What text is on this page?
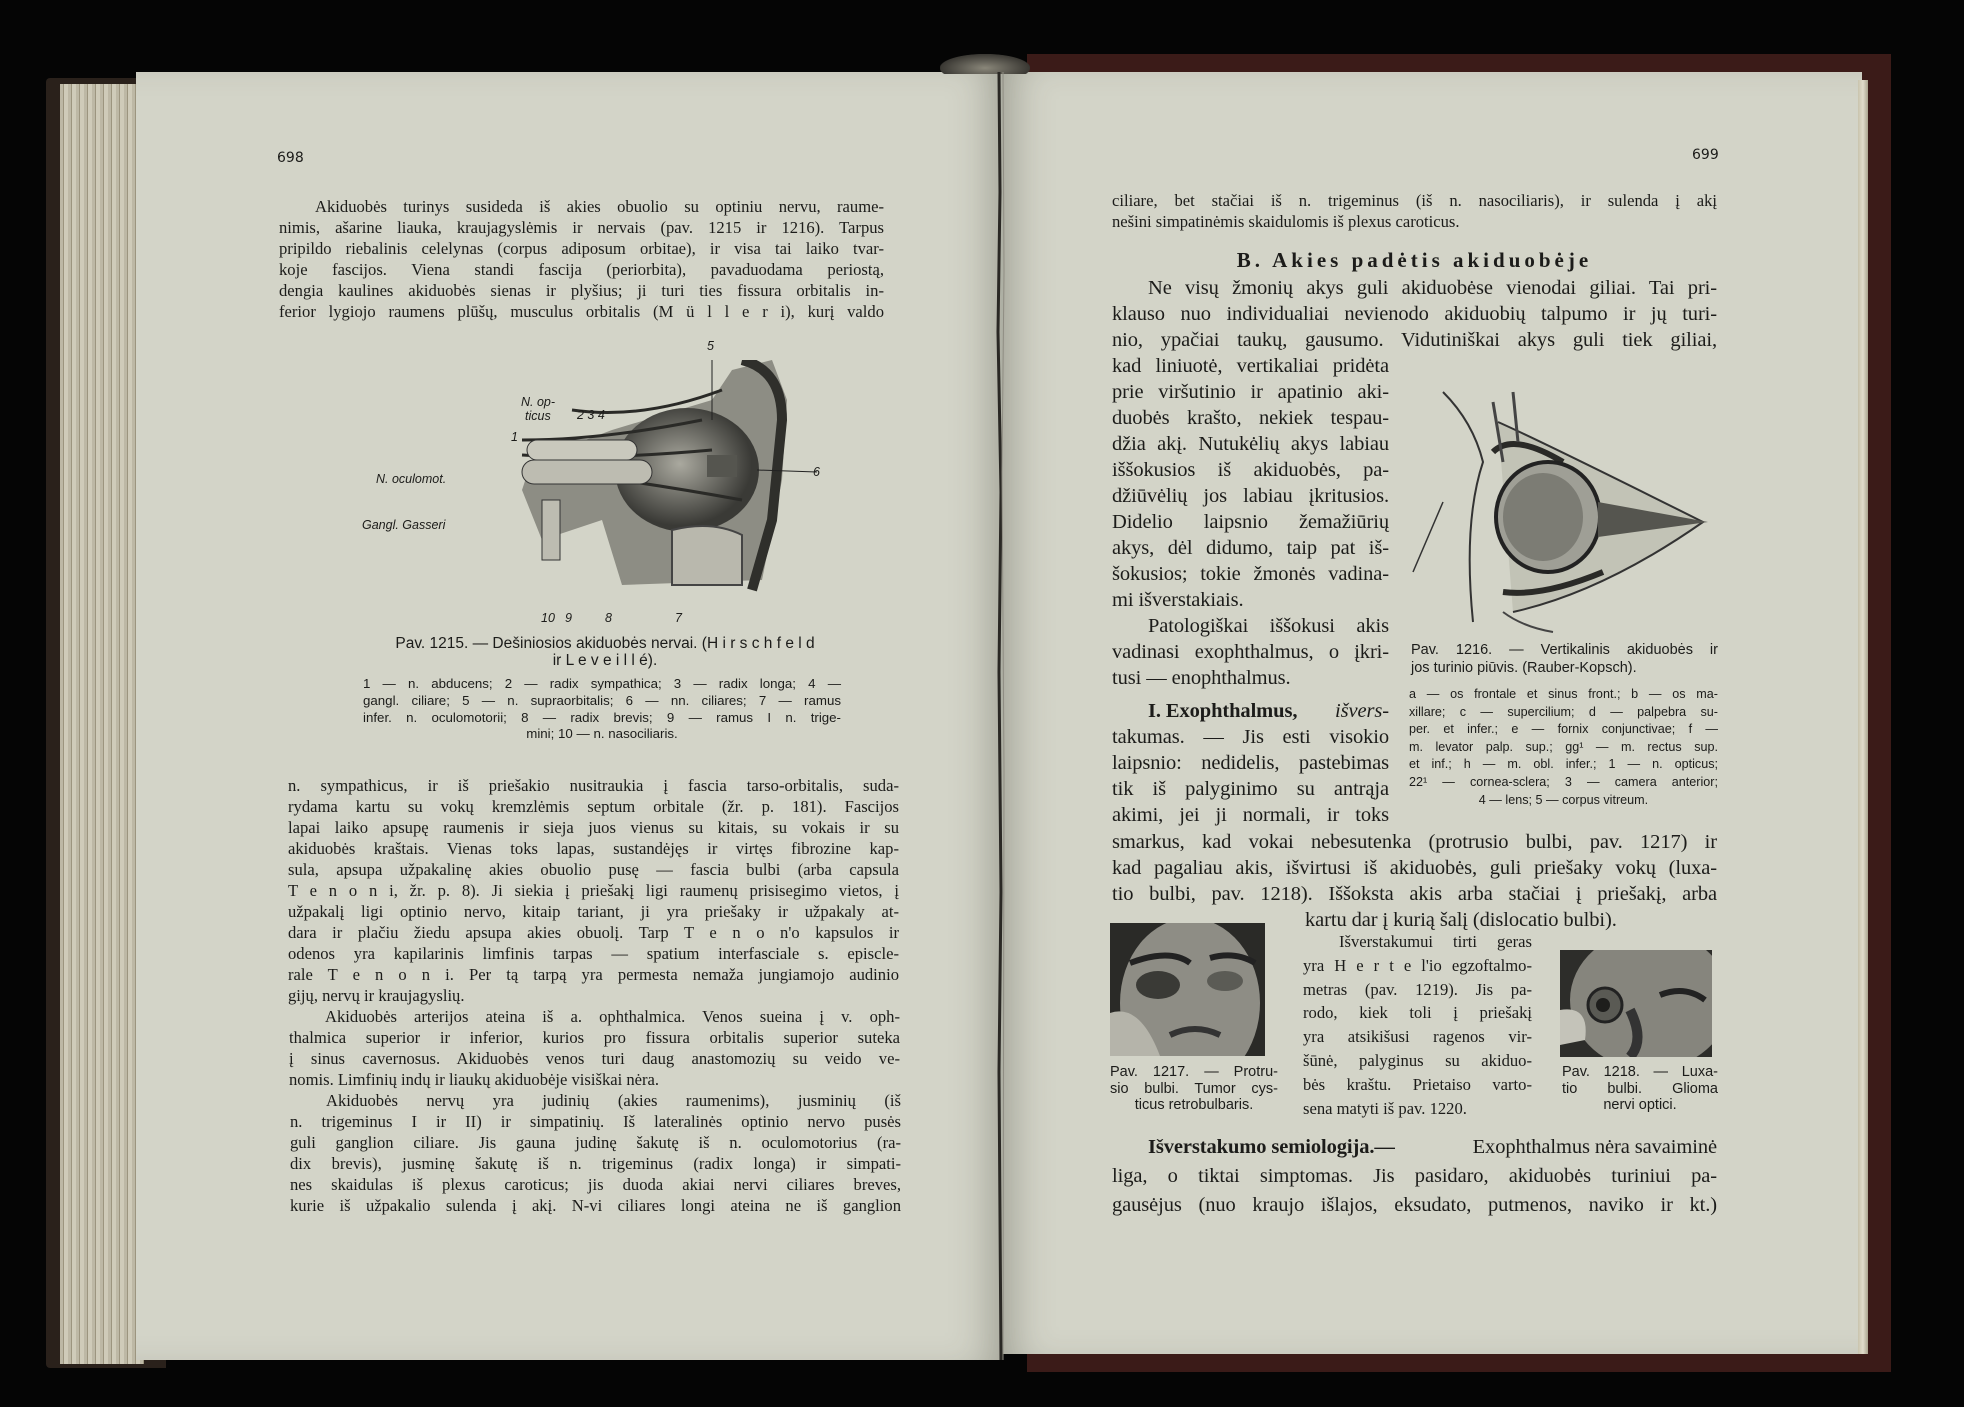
698
Akiduobės turinys susideda iš akies obuolio su optiniu nervu, raume-
nimis, ašarine liauka, kraujagyslėmis ir nervais (pav. 1215 ir 1216). Tarpus
pripildo riebalinis celelynas (corpus adiposum orbitae), ir visa tai laiko tvar-
koje fascijos. Viena standi fascija (periorbita), pavaduodama periostą,
dengia kaulines akiduobės sienas ir plyšius; ji turi ties fissura orbitalis in-
ferior lygiojo raumens plūšų, musculus orbitalis (M ü l l e r i), kurį valdo
5
N. op-
ticus 2 3 4
1
N. oculomot.
Gangl. Gasseri
6
10 9	8	7
Pav. 1215. — Dešiniosios akiduobės nervai. (H i r s c h f e l d
ir L e v e i l l é).
1 — n. abducens; 2 — radix sympathica; 3 — radix longa; 4 —
gangl. ciliare; 5 — n. supraorbitalis; 6 — nn. ciliares; 7 — ramus
infer. n. oculomotorii; 8 — radix brevis; 9 — ramus I n. trige-
mini; 10 — n. nasociliaris.
n. sympathicus, ir iš priešakio nusitraukia į fascia tarso-orbitalis, suda-
rydama kartu su vokų kremzlėmis septum orbitale (žr. p. 181). Fascijos
lapai laiko apsupę raumenis ir sieja juos vienus su kitais, su vokais ir su
akiduobės kraštais. Vienas toks lapas, sustandėjęs ir virtęs fibrozine kap-
sula, apsupa užpakalinę akies obuolio pusę — fascia bulbi (arba capsula
T e n o n i, žr. p. 8). Ji siekia į priešakį ligi raumenų prisisegimo vietos, į
užpakalį ligi optinio nervo, kitaip tariant, ji yra priešaky ir užpakaly at-
dara ir plačiu žiedu apsupa akies obuolį. Tarp T e n o n'o kapsulos ir
odenos yra kapilarinis limfinis tarpas — spatium interfasciale s. episcle-
rale T e n o n i. Per tą tarpą yra permesta nemaža jungiamojo audinio
gijų, nervų ir kraujagyslių.
Akiduobės arterijos ateina iš a. ophthalmica. Venos sueina į v. oph-
thalmica superior ir inferior, kurios pro fissura orbitalis superior suteka
į sinus cavernosus. Akiduobės venos turi daug anastomozių su veido ve-
nomis. Limfinių indų ir liaukų akiduobėje visiškai nėra.
Akiduobės nervų yra judinių (akies raumenims), jusminių (iš
n. trigeminus I ir II) ir simpatinių. Iš lateralinės optinio nervo pusės
guli ganglion ciliare. Jis gauna judinę šakutę iš n. oculomotorius (ra-
dix brevis), jusminę šakutę iš n. trigeminus (radix longa) ir simpati-
nes skaidulas iš plexus caroticus; jis duoda akiai nervi ciliares breves,
kurie iš užpakalio sulenda į akį. N-vi ciliares longi ateina ne iš ganglion
699
ciliare, bet stačiai iš n. trigeminus (iš n. nasociliaris), ir sulenda į akį
nešini simpatinėmis skaidulomis iš plexus caroticus.
B. Akies padėtis akiduobėje
Ne visų žmonių akys guli akiduobėse vienodai giliai. Tai pri-
klauso nuo individualiai nevienodo akiduobių talpumo ir jų turi-
nio, ypačiai taukų, gausumo. Vidutiniškai akys guli tiek giliai,
kad liniuotė, vertikaliai pridėta
prie viršutinio ir apatinio aki-
duobės krašto, nekiek tespau-
džia akį. Nutukėlių akys labiau
iššokusios iš akiduobės, pa-
džiūvėlių jos labiau įkritusios.
Didelio laipsnio žemažiūrių
akys, dėl didumo, taip pat iš-
šokusios; tokie žmonės vadina-
mi išverstakiais.
Patologiškai iššokusi akis
vadinasi exophthalmus, o įkri-
tusi — enophthalmus.
I. Exophthalmus, išvers-
takumas. — Jis esti visokio
laipsnio: nedidelis, pastebimas
tik iš palyginimo su antrąja
akimi, jei ji normali, ir toks
smarkus, kad vokai nebesutenka (protrusio bulbi, pav. 1217) ir
kad pagaliau akis, išvirtusi iš akiduobės, guli priešaky vokų (luxa-
tio bulbi, pav. 1218). Iššoksta akis arba stačiai į priešakį, arba
kartu dar į kurią šalį (dislocatio bulbi).
Pav. 1216. — Vertikalinis akiduobės ir
jos turinio piūvis. (Rauber-Kopsch).
a — os frontale et sinus front.; b — os ma-
xillare; c — supercilium; d — palpebra su-
per. et infer.; e — fornix conjunctivae; f —
m. levator palp. sup.; gg¹ — m. rectus sup.
et inf.; h — m. obl. infer.; 1 — n. opticus;
22¹ — cornea-sclera; 3 — camera anterior;
4 — lens; 5 — corpus vitreum.
Pav. 1217. — Protru-
sio bulbi. Tumor cys-
ticus retrobulbaris.
Išverstakumui tirti geras
yra H e r t e l'io egzoftalmo-
metras (pav. 1219). Jis pa-
rodo, kiek toli į priešakį
yra atsikišusi ragenos vir-
šūnė, palyginus su akiduo-
bės kraštu. Prietaiso varto-
sena matyti iš pav. 1220.
Pav. 1218. — Luxa-
tio bulbi. Glioma
nervi optici.
Išverstakumo semiologija.—	Exophthalmus nėra savaiminė
liga, o tiktai simptomas. Jis pasidaro, akiduobės turiniui pa-
gausėjus (nuo kraujo išlajos, eksudato, putmenos, naviko ir kt.)
